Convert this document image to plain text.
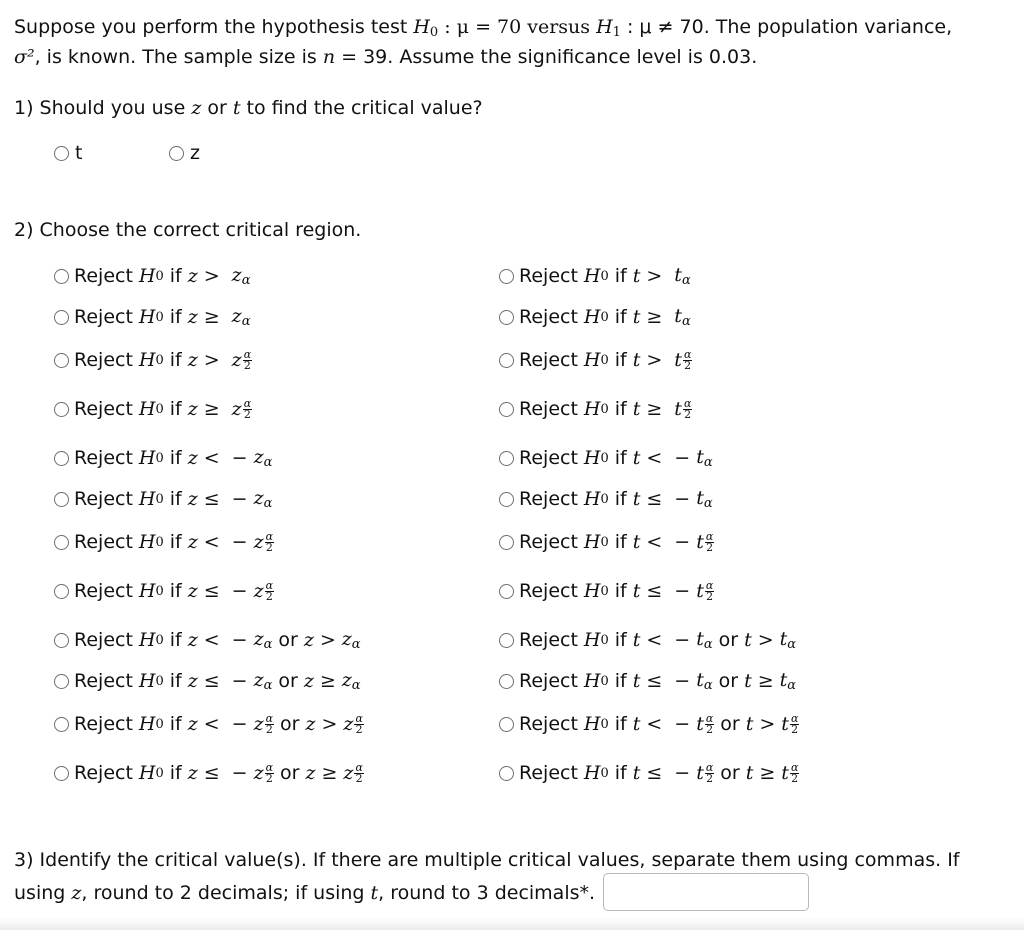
Suppose you perform the hypothesis test $H_0$ : μ = 70 versus $H_1$ : μ ≠ 70. The population variance,
σ², is known. The sample size is n = 39. Assume the significance level is 0.03.
1) Should you use z or t to find the critical value?
t	z
2) Choose the correct critical region.
Reject H 0 if $z > z_\alpha$
Reject H 0 if $z \ge z_\alpha$
Reject H 0 if z > z $\frac{\alpha}{2}$
Reject H 0 if z ≥ z $\frac{\alpha}{2}$
Reject H 0 if z < − $z_\alpha$
Reject H 0 if z ≤ − $z_\alpha$
Reject H 0 if z < − z $\frac{\alpha}{2}$
Reject H 0 if z ≤ − z $\frac{\alpha}{2}$
Reject H 0 if z < − $z_\alpha$ or $z > z_\alpha$
Reject H 0 if z ≤ − $z_\alpha$ or $z \ge z_\alpha$
Reject H 0 if z < − z $\frac{\alpha}{2}$ or z > z $\frac{\alpha}{2}$
Reject H 0 if z ≤ − z $\frac{\alpha}{2}$ or z ≥ z $\frac{\alpha}{2}$
Reject H 0 if $t > t_\alpha$
Reject H 0 if $t \ge t_\alpha$
Reject H 0 if t > t $\frac{\alpha}{2}$
Reject H 0 if t ≥ t $\frac{\alpha}{2}$
Reject H 0 if t < − $t_\alpha$
Reject H 0 if t ≤ − $t_\alpha$
Reject H 0 if t < − t $\frac{\alpha}{2}$
Reject H 0 if t ≤ − t $\frac{\alpha}{2}$
Reject H 0 if t < − $t_\alpha$ or $t > t_\alpha$
Reject H 0 if t ≤ − $t_\alpha$ or $t \ge t_\alpha$
Reject H 0 if t < − t $\frac{\alpha}{2}$ or t > t $\frac{\alpha}{2}$
Reject H 0 if t ≤ − t $\frac{\alpha}{2}$ or t ≥ t $\frac{\alpha}{2}$
3) Identify the critical value(s). If there are multiple critical values, separate them using commas. If
using z, round to 2 decimals; if using t, round to 3 decimals*.
